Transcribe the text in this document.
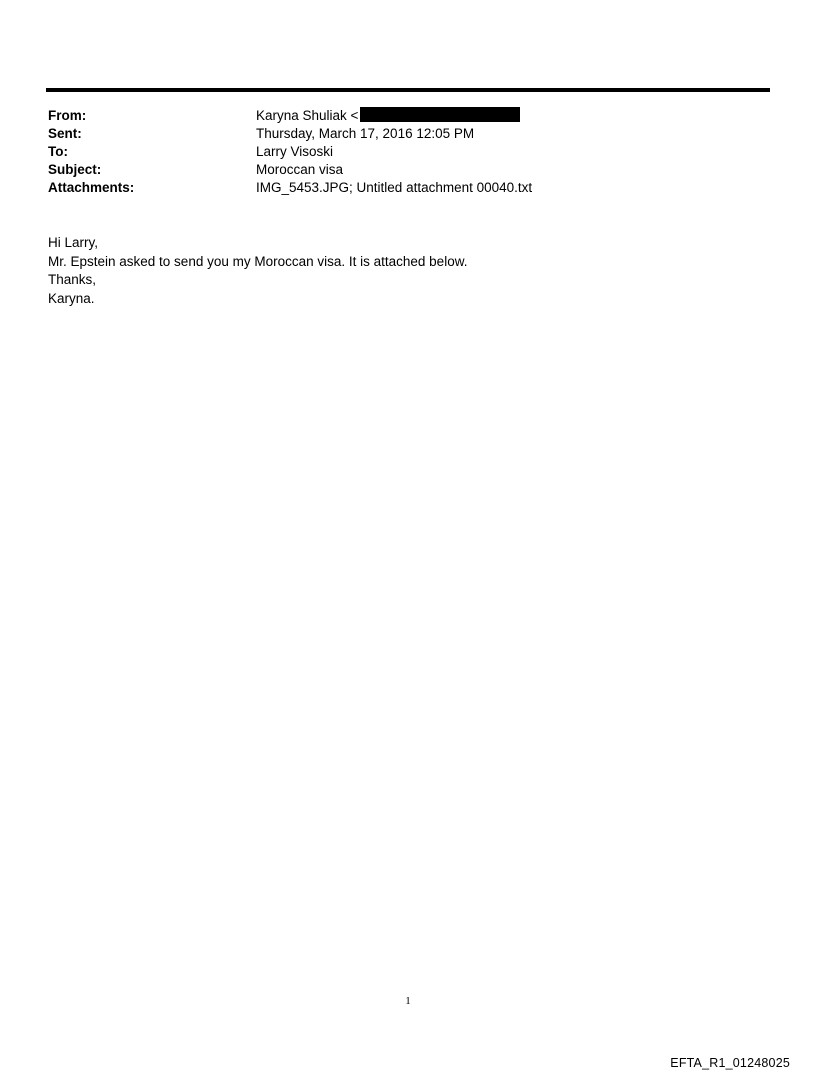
From:	Karyna Shuliak <
Sent:	Thursday, March 17, 2016 12:05 PM
To:	Larry Visoski
Subject:	Moroccan visa
Attachments:	IMG_5453.JPG; Untitled attachment 00040.txt
Hi Larry,
Mr. Epstein asked to send you my Moroccan visa. It is attached below.
Thanks,
Karyna.
1
EFTA_R1_01248025
